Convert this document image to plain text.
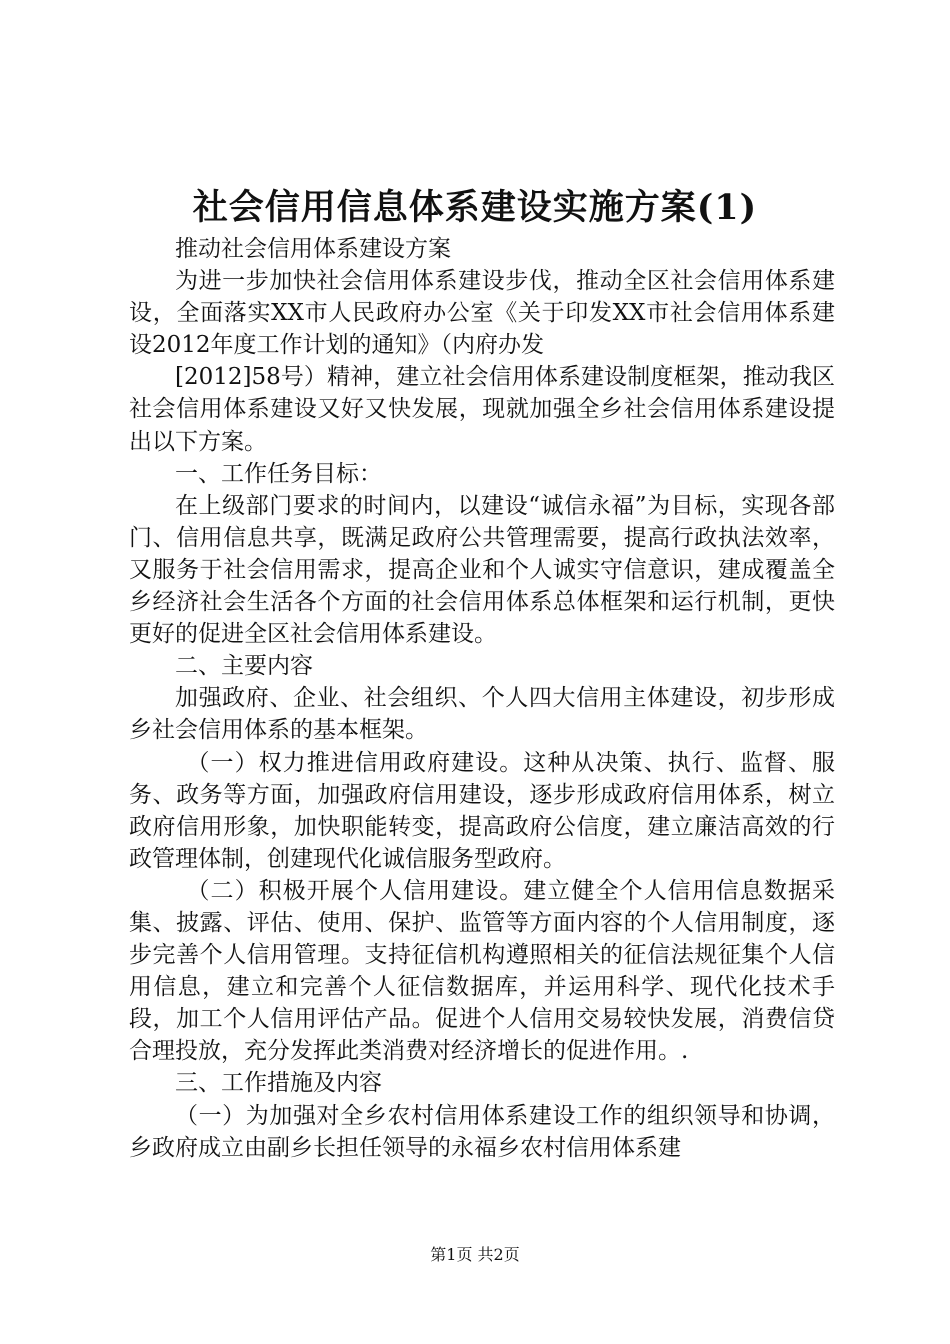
社会信用信息体系建设实施方案(1)

推动社会信用体系建设方案

为进一步加快社会信用体系建设步伐，推动全区社会信用体系建设，全面落实XX市人民政府办公室《关于印发XX市社会信用体系建设2012年度工作计划的通知》（内府办发

[2012]58号）精神，建立社会信用体系建设制度框架，推动我区社会信用体系建设又好又快发展，现就加强全乡社会信用体系建设提出以下方案。

一、工作任务目标：

在上级部门要求的时间内，以建设“诚信永福”为目标，实现各部门、信用信息共享，既满足政府公共管理需要，提高行政执法效率，又服务于社会信用需求，提高企业和个人诚实守信意识，建成覆盖全乡经济社会生活各个方面的社会信用体系总体框架和运行机制，更快更好的促进全区社会信用体系建设。

二、主要内容

加强政府、企业、社会组织、个人四大信用主体建设，初步形成乡社会信用体系的基本框架。

（一）权力推进信用政府建设。这种从决策、执行、监督、服务、政务等方面，加强政府信用建设，逐步形成政府信用体系，树立政府信用形象，加快职能转变，提高政府公信度，建立廉洁高效的行政管理体制，创建现代化诚信服务型政府。

（二）积极开展个人信用建设。建立健全个人信用信息数据采集、披露、评估、使用、保护、监管等方面内容的个人信用制度，逐步完善个人信用管理。支持征信机构遵照相关的征信法规征集个人信用信息，建立和完善个人征信数据库，并运用科学、现代化技术手段，加工个人信用评估产品。促进个人信用交易较快发展，消费信贷合理投放，充分发挥此类消费对经济增长的促进作用。.

三、工作措施及内容

（一）为加强对全乡农村信用体系建设工作的组织领导和协调，乡政府成立由副乡长担任领导的永福乡农村信用体系建

第1页 共2页
